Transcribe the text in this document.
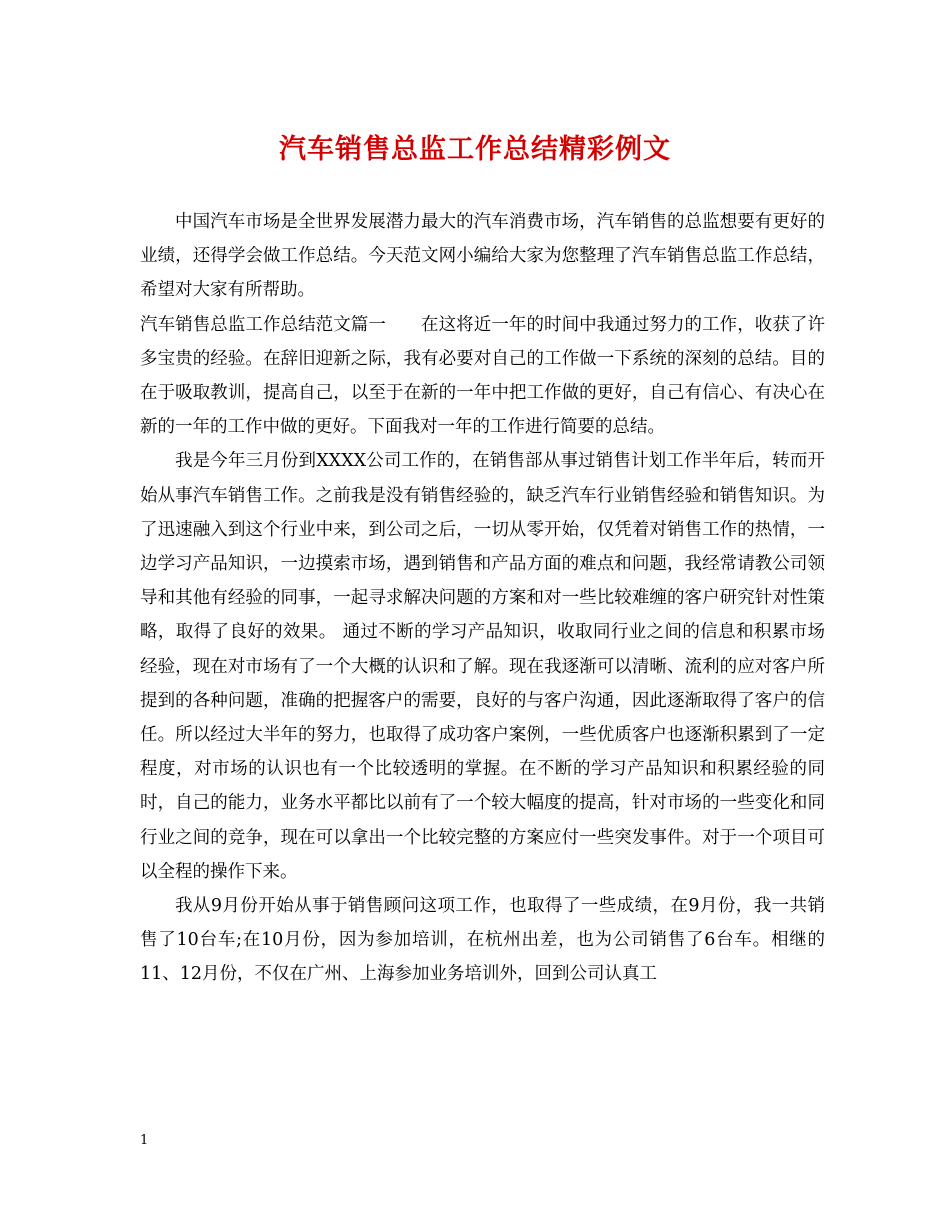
汽车销售总监工作总结精彩例文

中国汽车市场是全世界发展潜力最大的汽车消费市场，汽车销售的总监想要有更好的业绩，还得学会做工作总结。今天范文网小编给大家为您整理了汽车销售总监工作总结，希望对大家有所帮助。

汽车销售总监工作总结范文篇一　　在这将近一年的时间中我通过努力的工作，收获了许多宝贵的经验。在辞旧迎新之际，我有必要对自己的工作做一下系统的深刻的总结。目的在于吸取教训，提高自己，以至于在新的一年中把工作做的更好，自己有信心、有决心在新的一年的工作中做的更好。下面我对一年的工作进行简要的总结。

我是今年三月份到XXXX公司工作的，在销售部从事过销售计划工作半年后，转而开始从事汽车销售工作。之前我是没有销售经验的，缺乏汽车行业销售经验和销售知识。为了迅速融入到这个行业中来，到公司之后，一切从零开始，仅凭着对销售工作的热情，一边学习产品知识，一边摸索市场，遇到销售和产品方面的难点和问题，我经常请教公司领导和其他有经验的同事，一起寻求解决问题的方案和对一些比较难缠的客户研究针对性策略，取得了良好的效果。 通过不断的学习产品知识，收取同行业之间的信息和积累市场经验，现在对市场有了一个大概的认识和了解。现在我逐渐可以清晰、流利的应对客户所提到的各种问题，准确的把握客户的需要，良好的与客户沟通，因此逐渐取得了客户的信任。所以经过大半年的努力，也取得了成功客户案例，一些优质客户也逐渐积累到了一定程度，对市场的认识也有一个比较透明的掌握。在不断的学习产品知识和积累经验的同时，自己的能力，业务水平都比以前有了一个较大幅度的提高，针对市场的一些变化和同行业之间的竞争，现在可以拿出一个比较完整的方案应付一些突发事件。对于一个项目可以全程的操作下来。

我从9月份开始从事于销售顾问这项工作，也取得了一些成绩，在9月份，我一共销售了10台车;在10月份，因为参加培训，在杭州出差，也为公司销售了6台车。相继的11、12月份，不仅在广州、上海参加业务培训外，回到公司认真工

1
